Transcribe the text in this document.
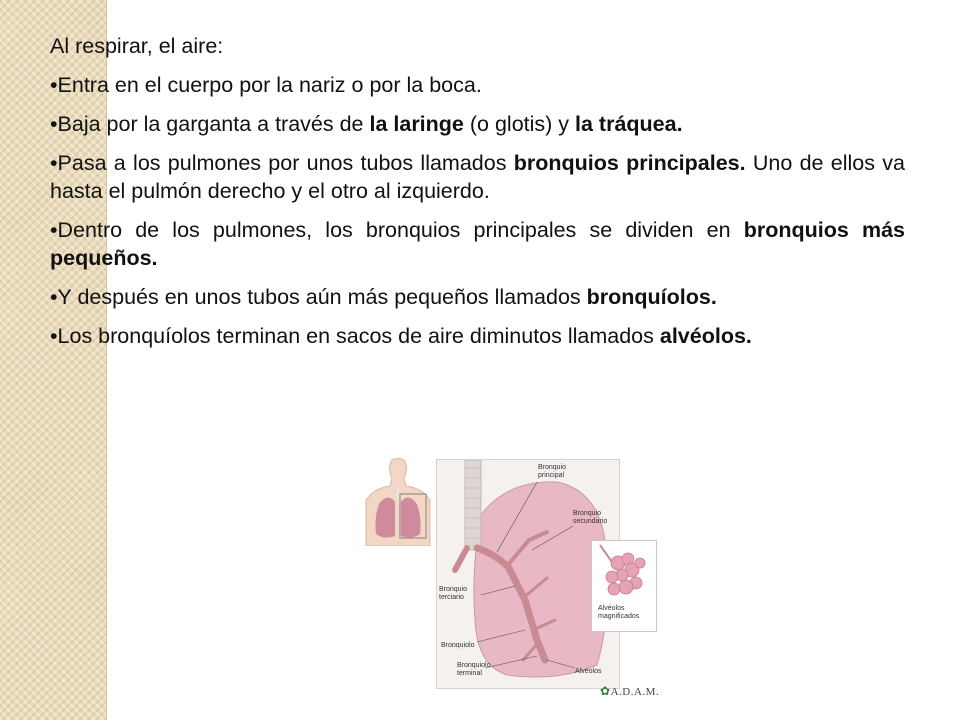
Al respirar, el aire:

•Entra en el cuerpo por la nariz o por la boca.

•Baja por la garganta a través de la laringe (o glotis) y la tráquea.

•Pasa a los pulmones por unos tubos llamados bronquios principales. Uno de ellos va hasta el pulmón derecho y el otro al izquierdo.

•Dentro de los pulmones, los bronquios principales se dividen en bronquios más pequeños.

•Y después en unos tubos aún más pequeños llamados bronquíolos.

•Los bronquíolos terminan en sacos de aire diminutos llamados alvéolos.

Bronquio
principal
Bronquio
secundario
Bronquio
terciario
Bronquiolo
Bronquiolo
terminal	Alvéolos
Alvéolos
magnificados
✿A.D.A.M.
